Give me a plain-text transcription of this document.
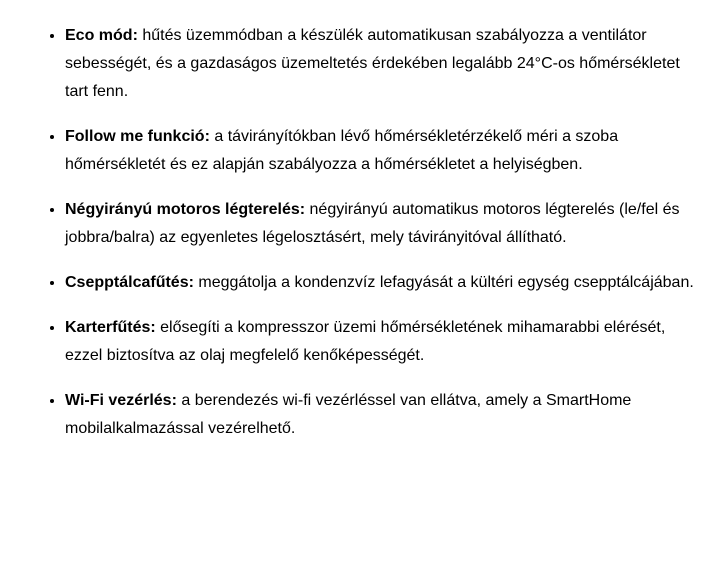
• Eco mód: hűtés üzemmódban a készülék automatikusan szabályozza a ventilátor sebességét, és a gazdaságos üzemeltetés érdekében legalább 24°C-os hőmérsékletet tart fenn.
• Follow me funkció: a távirányítókban lévő hőmérsékletérzékelő méri a szoba hőmérsékletét és ez alapján szabályozza a hőmérsékletet a helyiségben.
• Négyirányú motoros légterelés: négyirányú automatikus motoros légterelés (le/fel és jobbra/balra) az egyenletes légelosztásért, mely távirányitóval állítható.
• Csepptálcafűtés: meggátolja a kondenzvíz lefagyását a kültéri egység csepptálcájában.
• Karterfűtés: elősegíti a kompresszor üzemi hőmérsékletének mihamarabbi elérését, ezzel biztosítva az olaj megfelelő kenőképességét.
• Wi-Fi vezérlés: a berendezés wi-fi vezérléssel van ellátva, amely a SmartHome mobilalkalmazással vezérelhető.
